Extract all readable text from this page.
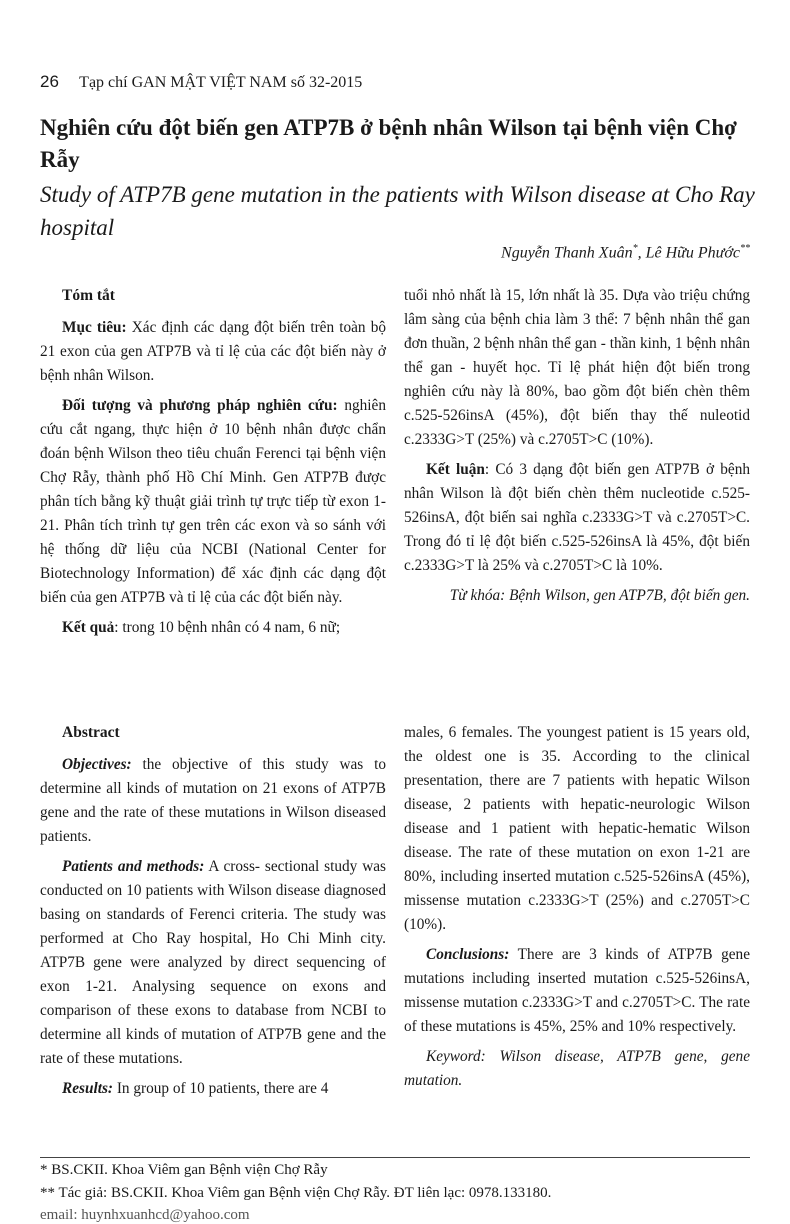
26 Tạp chí GAN MẬT VIỆT NAM số 32-2015
Nghiên cứu đột biến gen ATP7B ở bệnh nhân Wilson tại bệnh viện Chợ Rẫy
Study of ATP7B gene mutation in the patients with Wilson disease at Cho Ray hospital
Nguyễn Thanh Xuân*, Lê Hữu Phước**
Tóm tắt

Mục tiêu: Xác định các dạng đột biến trên toàn bộ 21 exon của gen ATP7B và tỉ lệ của các đột biến này ở bệnh nhân Wilson.

Đối tượng và phương pháp nghiên cứu: nghiên cứu cắt ngang, thực hiện ở 10 bệnh nhân được chẩn đoán bệnh Wilson theo tiêu chuẩn Ferenci tại bệnh viện Chợ Rẫy, thành phố Hồ Chí Minh. Gen ATP7B được phân tích bằng kỹ thuật giải trình tự trực tiếp từ exon 1-21. Phân tích trình tự gen trên các exon và so sánh với hệ thống dữ liệu của NCBI (National Center for Biotechnology Information) để xác định các dạng đột biến của gen ATP7B và tỉ lệ của các đột biến này.

Kết quả: trong 10 bệnh nhân có 4 nam, 6 nữ;

tuổi nhỏ nhất là 15, lớn nhất là 35. Dựa vào triệu chứng lâm sàng của bệnh chia làm 3 thể: 7 bệnh nhân thể gan đơn thuần, 2 bệnh nhân thể gan - thần kinh, 1 bệnh nhân thể gan - huyết học. Tỉ lệ phát hiện đột biến trong nghiên cứu này là 80%, bao gồm đột biến chèn thêm c.525-526insA (45%), đột biến thay thế nuleotid c.2333G>T (25%) và c.2705T>C (10%).

Kết luận: Có 3 dạng đột biến gen ATP7B ở bệnh nhân Wilson là đột biến chèn thêm nucleotide c.525-526insA, đột biến sai nghĩa c.2333G>T và c.2705T>C. Trong đó tỉ lệ đột biến c.525-526insA là 45%, đột biến c.2333G>T là 25% và c.2705T>C là 10%.

Từ khóa: Bệnh Wilson, gen ATP7B, đột biến gen.
Abstract

Objectives: the objective of this study was to determine all kinds of mutation on 21 exons of ATP7B gene and the rate of these mutations in Wilson diseased patients.

Patients and methods: A cross- sectional study was conducted on 10 patients with Wilson disease diagnosed basing on standards of Ferenci criteria. The study was performed at Cho Ray hospital, Ho Chi Minh city. ATP7B gene were analyzed by direct sequencing of exon 1-21. Analysing sequence on exons and comparison of these exons to database from NCBI to determine all kinds of mutation of ATP7B gene and the rate of these mutations.

Results: In group of 10 patients, there are 4

males, 6 females. The youngest patient is 15 years old, the oldest one is 35. According to the clinical presentation, there are 7 patients with hepatic Wilson disease, 2 patients with hepatic-neurologic Wilson disease and 1 patient with hepatic-hematic Wilson disease. The rate of these mutation on exon 1-21 are 80%, including inserted mutation c.525-526insA (45%), missense mutation c.2333G>T (25%) and c.2705T>C (10%).

Conclusions: There are 3 kinds of ATP7B gene mutations including inserted mutation c.525-526insA, missense mutation c.2333G>T and c.2705T>C. The rate of these mutations is 45%, 25% and 10% respectively.

Keyword: Wilson disease, ATP7B gene, gene mutation.

* BS.CKII. Khoa Viêm gan Bệnh viện Chợ Rẫy
** Tác giả: BS.CKII. Khoa Viêm gan Bệnh viện Chợ Rẫy. ĐT liên lạc: 0978.133180.
email: huynhxuanhcd@yahoo.com
